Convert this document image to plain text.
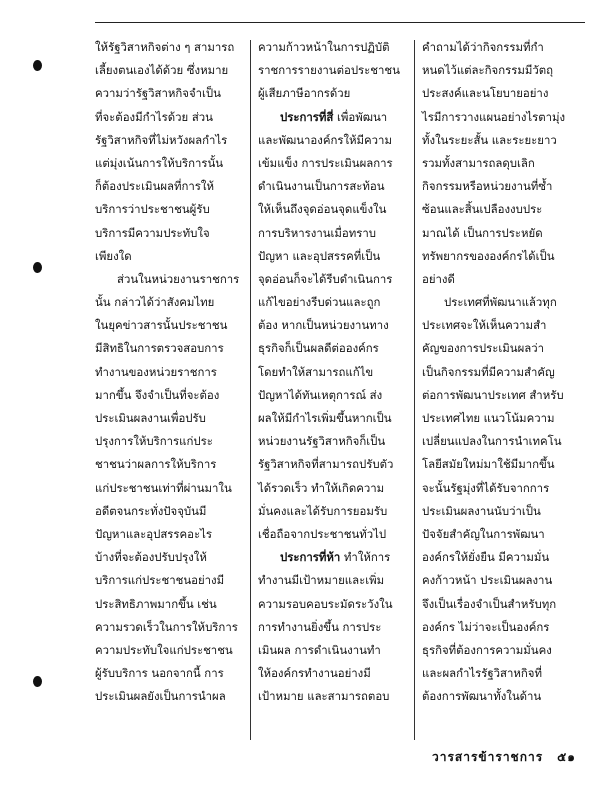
ให้รัฐวิสาหกิจต่าง ๆ สามารถ
เลี้ยงตนเองได้ด้วย ซึ่งหมาย
ความว่ารัฐวิสาหกิจจำเป็น
ที่จะต้องมีกำไรด้วย ส่วน
รัฐวิสาหกิจที่ไม่หวังผลกำไร
แต่มุ่งเน้นการให้บริการนั้น
ก็ต้องประเมินผลที่การให้
บริการว่าประชาชนผู้รับ
บริการมีความประทับใจ
เพียงใด
ส่วนในหน่วยงานราชการ
นั้น กล่าวได้ว่าสังคมไทย
ในยุคข่าวสารนั้นประชาชน
มีสิทธิในการตรวจสอบการ
ทำงานของหน่วยราชการ
มากขึ้น จึงจำเป็นที่จะต้อง
ประเมินผลงานเพื่อปรับ
ปรุงการให้บริการแก่ประ
ชาชนว่าผลการให้บริการ
แก่ประชาชนเท่าที่ผ่านมาใน
อดีตจนกระทั่งปัจจุบันมี
ปัญหาและอุปสรรคอะไร
บ้างที่จะต้องปรับปรุงให้
บริการแก่ประชาชนอย่างมี
ประสิทธิภาพมากขึ้น เช่น
ความรวดเร็วในการให้บริการ
ความประทับใจแก่ประชาชน
ผู้รับบริการ นอกจากนี้ การ
ประเมินผลยังเป็นการนำผล
ความก้าวหน้าในการปฏิบัติ
ราชการรายงานต่อประชาชน
ผู้เสียภาษีอากรด้วย
ประการที่สี่ เพื่อพัฒนา
และพัฒนาองค์กรให้มีความ
เข้มแข็ง การประเมินผลการ
ดำเนินงานเป็นการสะท้อน
ให้เห็นถึงจุดอ่อนจุดแข็งใน
การบริหารงานเมื่อทราบ
ปัญหา และอุปสรรคที่เป็น
จุดอ่อนก็จะได้รีบดำเนินการ
แก้ไขอย่างรีบด่วนและถูก
ต้อง หากเป็นหน่วยงานทาง
ธุรกิจก็เป็นผลดีต่อองค์กร
โดยทำให้สามารถแก้ไข
ปัญหาได้ทันเหตุการณ์ ส่ง
ผลให้มีกำไรเพิ่มขึ้นหากเป็น
หน่วยงานรัฐวิสาหกิจก็เป็น
รัฐวิสาหกิจที่สามารถปรับตัว
ได้รวดเร็ว ทำให้เกิดความ
มั่นคงและได้รับการยอมรับ
เชื่อถือจากประชาชนทั่วไป
ประการที่ห้า ทำให้การ
ทำงานมีเป้าหมายและเพิ่ม
ความรอบคอบระมัดระวังใน
การทำงานยิ่งขึ้น การประ
เมินผล การดำเนินงานทำ
ให้องค์กรทำงานอย่างมี
เป้าหมาย และสามารถตอบ
คำถามได้ว่ากิจกรรมที่กำ
หนดไว้แต่ละกิจกรรมมีวัตถุ
ประสงค์และนโยบายอย่าง
ไรมีการวางแผนอย่างไรตามุ่ง
ทั้งในระยะสั้น และระยะยาว
รวมทั้งสามารถลดุบเลิก
กิจกรรมหรือหน่วยงานที่ซ้ำ
ซ้อนและสิ้นเปลืองงบประ
มาณได้ เป็นการประหยัด
ทรัพยากรขององค์กรได้เป็น
อย่างดี
ประเทศที่พัฒนาแล้วทุก
ประเทศจะให้เห็นความสำ
คัญของการประเมินผลว่า
เป็นกิจกรรมที่มีความสำคัญ
ต่อการพัฒนาประเทศ สำหรับ
ประเทศไทย แนวโน้มความ
เปลี่ยนแปลงในการนำเทคโน
โลยีสมัยใหม่มาใช้มีมากขึ้น
จะนั้นรัฐมุ่งที่ได้รับจากการ
ประเมินผลงานนับว่าเป็น
ปัจจัยสำคัญในการพัฒนา
องค์กรให้ยั่งยืน มีความมั่น
คงก้าวหน้า ประเมินผลงาน
จึงเป็นเรื่องจำเป็นสำหรับทุก
องค์กร ไม่ว่าจะเป็นองค์กร
ธุรกิจที่ต้องการความมั่นคง
และผลกำไรรัฐวิสาหกิจที่
ต้องการพัฒนาทั้งในด้าน
วารสารข้าราชการ ๕๑
